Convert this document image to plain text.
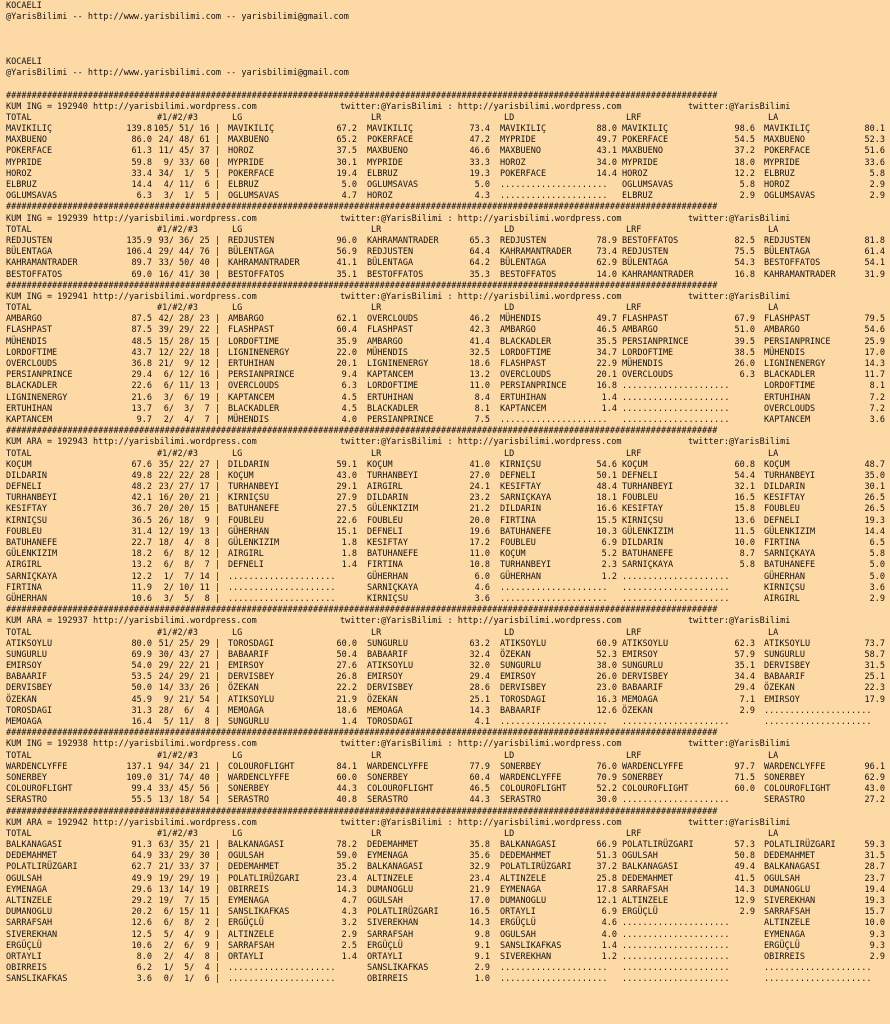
KOCAELI
@YarisBilimi -- http://www.yarisbilimi.com -- yarisbilimi@gmail.com
KOCAELI
@YarisBilimi -- http://www.yarisbilimi.com -- yarisbilimi@gmail.com
###########################################################################################################################################
KUM ING = 192940 http://yarisbilimi.wordpress.com	twitter:@YarisBilimi : http://yarisbilimi.wordpress.com	twitter:@YarisBilimi
TOTAL	#1/#2/#3	LG	LR	LD	LRF	LA
MAVIKILIÇ	139.8 105/ 51/ 16 | MAVIKILIÇ	67.2 MAVIKILIÇ	73.4 MAVIKILIÇ	88.0 MAVIKILIÇ	98.6 MAVIKILIÇ	80.1
MAXBUENO	86.0 24/ 48/ 61 | MAXBUENO	65.2 POKERFACE	47.2 MYPRIDE	49.7 POKERFACE	54.5 MAXBUENO	52.3
POKERFACE	61.3 11/ 45/ 37 | HOROZ	37.5 MAXBUENO	46.6 MAXBUENO	43.1 MAXBUENO	37.2 POKERFACE	51.6
MYPRIDE	59.8 9/ 33/ 60 | MYPRIDE	30.1 MYPRIDE	33.3 HOROZ	34.0 MYPRIDE	18.0 MYPRIDE	33.6
HOROZ	33.4 34/  1/  5 | POKERFACE	19.4 ELBRUZ	19.3 POKERFACE	14.4 HOROZ	12.2 ELBRUZ	5.8
ELBRUZ	14.4 4/ 11/  6 | ELBRUZ	5.0 OGLUMSAVAS	5.0 ..................... OGLUMSAVAS	5.8 HOROZ	2.9
OGLUMSAVAS	6.3 3/  1/  5 | OGLUMSAVAS	4.7 HOROZ	4.3 ..................... ELBRUZ	2.9 OGLUMSAVAS	2.9
###########################################################################################################################################
KUM ING = 192939 http://yarisbilimi.wordpress.com	twitter:@YarisBilimi : http://yarisbilimi.wordpress.com	twitter:@YarisBilimi
TOTAL	#1/#2/#3	LG	LR	LD	LRF	LA
REDJUSTEN	135.9 93/ 36/ 25 | REDJUSTEN	96.0 KAHRAMANTRADER	65.3 REDJUSTEN	78.9 BESTOFFATOS	82.5 REDJUSTEN	81.8
BÜLENTAGA	106.4 29/ 44/ 76 | BÜLENTAGA	56.9 REDJUSTEN	64.4 KAHRAMANTRADER	73.4 REDJUSTEN	75.5 BÜLENTAGA	61.4
KAHRAMANTRADER	89.7 33/ 50/ 40 | KAHRAMANTRADER	41.1 BÜLENTAGA	64.2 BÜLENTAGA	62.9 BÜLENTAGA	54.3 BESTOFFATOS	54.1
BESTOFFATOS	69.0 16/ 41/ 30 | BESTOFFATOS	35.1 BESTOFFATOS	35.3 BESTOFFATOS	14.0 KAHRAMANTRADER	16.8 KAHRAMANTRADER	31.9
###########################################################################################################################################
KUM ING = 192941 http://yarisbilimi.wordpress.com	twitter:@YarisBilimi : http://yarisbilimi.wordpress.com	twitter:@YarisBilimi
TOTAL	#1/#2/#3	LG	LR	LD	LRF	LA
AMBARGO	87.5 42/ 28/ 23 | AMBARGO	62.1 OVERCLOUDS	46.2 MÜHENDIS	49.7 FLASHPAST	67.9 FLASHPAST	79.5
FLASHPAST	87.5 39/ 29/ 22 | FLASHPAST	60.4 FLASHPAST	42.3 AMBARGO	46.5 AMBARGO	51.0 AMBARGO	54.6
MÜHENDIS	48.5 15/ 28/ 15 | LORDOFTIME	35.9 AMBARGO	41.4 BLACKADLER	35.5 PERSIANPRINCE	39.5 PERSIANPRINCE	25.9
LORDOFTIME	43.7 12/ 22/ 18 | LIGNINENERGY	22.0 MÜHENDIS	32.5 LORDOFTIME	34.7 LORDOFTIME	38.5 MÜHENDIS	17.0
OVERCLOUDS	36.8 21/  9/ 12 | ERTUHIHAN	20.1 LIGNINENERGY	18.6 FLASHPAST	22.9 MÜHENDIS	26.0 LIGNINENERGY	14.3
PERSIANPRINCE	29.4 6/ 12/ 16 | PERSIANPRINCE	9.4 KAPTANCEM	13.2 OVERCLOUDS	20.1 OVERCLOUDS	6.3 BLACKADLER	11.7
BLACKADLER	22.6 6/ 11/ 13 | OVERCLOUDS	6.3 LORDOFTIME	11.0 PERSIANPRINCE	16.8 .....................	LORDOFTIME	8.1
LIGNINENERGY	21.6 3/  6/ 19 | KAPTANCEM	4.5 ERTUHIHAN	8.4 ERTUHIHAN	1.4 .....................	ERTUHIHAN	7.2
ERTUHIHAN	13.7 6/  3/  7 | BLACKADLER	4.5 BLACKADLER	8.1 KAPTANCEM	1.4 .....................	OVERCLOUDS	7.2
KAPTANCEM	9.7 2/  4/  7 | MÜHENDIS	4.0 PERSIANPRINCE	7.5 ..................... .....................	KAPTANCEM	3.6
###########################################################################################################################################
KUM ARA = 192943 http://yarisbilimi.wordpress.com	twitter:@YarisBilimi : http://yarisbilimi.wordpress.com	twitter:@YarisBilimi
TOTAL	#1/#2/#3	LG	LR	LD	LRF	LA
KOÇUM	67.6 35/ 22/ 27 | DILDARIN	59.1 KOÇUM	41.0 KIRNIÇSU	54.6 KOÇUM	60.8 KOÇUM	48.7
DILDARIN	49.8 22/ 22/ 28 | KOÇUM	43.0 TURHANBEYI	27.0 DEFNELI	50.1 DEFNELI	54.4 TURHANBEYI	35.0
DEFNELI	48.2 23/ 27/ 17 | TURHANBEYI	29.1 AIRGIRL	24.1 KESIFTAY	48.4 TURHANBEYI	32.1 DILDARIN	30.1
TURHANBEYI	42.1 16/ 20/ 21 | KIRNIÇSU	27.9 DILDARIN	23.2 SARNIÇKAYA	18.1 FOUBLEU	16.5 KESIFTAY	26.5
KESIFTAY	36.7 20/ 20/ 15 | BATUHANEFE	27.5 GÜLENKIZIM	21.2 DILDARIN	16.6 KESIFTAY	15.8 FOUBLEU	26.5
KIRNIÇSU	36.5 26/ 18/  9 | FOUBLEU	22.6 FOUBLEU	20.0 FIRTINA	15.5 KIRNIÇSU	13.6 DEFNELI	19.3
FOUBLEU	31.4 12/ 19/ 13 | GÜHERHAN	15.1 DEFNELI	19.6 BATUHANEFE	10.3 GÜLENKIZIM	11.5 GÜLENKIZIM	14.4
BATUHANEFE	22.7 18/  4/  8 | GÜLENKIZIM	1.8 KESIFTAY	17.2 FOUBLEU	6.9 DILDARIN	10.0 FIRTINA	6.5
GÜLENKIZIM	18.2 6/  8/ 12 | AIRGIRL	1.8 BATUHANEFE	11.0 KOÇUM	5.2 BATUHANEFE	8.7 SARNIÇKAYA	5.8
AIRGIRL	13.2 6/  8/  7 | DEFNELI	1.4 FIRTINA	10.8 TURHANBEYI	2.3 SARNIÇKAYA	5.8 BATUHANEFE	5.0
SARNIÇKAYA	12.2 1/  7/ 14 | .....................	GÜHERHAN	6.0 GÜHERHAN	1.2 .....................	GÜHERHAN	5.0
FIRTINA	11.9 2/ 10/ 11 | .....................	SARNIÇKAYA	4.6 ..................... .....................	KIRNIÇSU	3.6
GÜHERHAN	10.6 3/  5/  8 | .....................	KIRNIÇSU	3.6 ..................... .....................	AIRGIRL	2.9
###########################################################################################################################################
KUM ARA = 192937 http://yarisbilimi.wordpress.com	twitter:@YarisBilimi : http://yarisbilimi.wordpress.com	twitter:@YarisBilimi
TOTAL	#1/#2/#3	LG	LR	LD	LRF	LA
ATIKSOYLU	80.0 51/ 25/ 29 | TOROSDAGI	60.0 SUNGURLU	63.2 ATIKSOYLU	60.9 ATIKSOYLU	62.3 ATIKSOYLU	73.7
SUNGURLU	69.9 30/ 43/ 27 | BABAARIF	50.4 BABAARIF	32.4 ÖZEKAN	52.3 EMIRSOY	57.9 SUNGURLU	58.7
EMIRSOY	54.0 29/ 22/ 21 | EMIRSOY	27.6 ATIKSOYLU	32.0 SUNGURLU	38.0 SUNGURLU	35.1 DERVISBEY	31.5
BABAARIF	53.5 24/ 29/ 21 | DERVISBEY	26.8 EMIRSOY	29.4 EMIRSOY	26.0 DERVISBEY	34.4 BABAARIF	25.1
DERVISBEY	50.0 14/ 33/ 26 | ÖZEKAN	22.2 DERVISBEY	28.6 DERVISBEY	23.0 BABAARIF	29.4 ÖZEKAN	22.3
ÖZEKAN	45.9 9/ 21/ 54 | ATIKSOYLU	21.9 ÖZEKAN	25.1 TOROSDAGI	16.3 MEMOAGA	7.1 EMIRSOY	17.9
TOROSDAGI	31.3 28/  6/  4 | MEMOAGA	18.6 MEMOAGA	14.3 BABAARIF	12.6 ÖZEKAN	2.9 .....................
MEMOAGA	16.4 5/ 11/  8 | SUNGURLU	1.4 TOROSDAGI	4.1 ..................... .....................	.....................
###########################################################################################################################################
KUM ING = 192938 http://yarisbilimi.wordpress.com	twitter:@YarisBilimi : http://yarisbilimi.wordpress.com	twitter:@YarisBilimi
TOTAL	#1/#2/#3	LG	LR	LD	LRF	LA
WARDENCLYFFE	137.1 94/ 34/ 21 | COLOUROFLIGHT	84.1 WARDENCLYFFE	77.9 SONERBEY	76.0 WARDENCLYFFE	97.7 WARDENCLYFFE	96.1
SONERBEY	109.0 31/ 74/ 40 | WARDENCLYFFE	60.0 SONERBEY	60.4 WARDENCLYFFE	70.9 SONERBEY	71.5 SONERBEY	62.9
COLOUROFLIGHT	99.4 33/ 45/ 56 | SONERBEY	44.3 COLOUROFLIGHT	46.5 COLOUROFLIGHT	52.2 COLOUROFLIGHT	60.0 COLOUROFLIGHT	43.0
SERASTRO	55.5 13/ 18/ 54 | SERASTRO	40.8 SERASTRO	44.3 SERASTRO	30.0 .....................	SERASTRO	27.2
###########################################################################################################################################
KUM ARA = 192942 http://yarisbilimi.wordpress.com	twitter:@YarisBilimi : http://yarisbilimi.wordpress.com	twitter:@YarisBilimi
TOTAL	#1/#2/#3	LG	LR	LD	LRF	LA
BALKANAGASI	91.3 63/ 35/ 21 | BALKANAGASI	78.2 DEDEMAHMET	35.8 BALKANAGASI	66.9 POLATLIRÜZGARI	57.3 POLATLIRÜZGARI	59.3
DEDEMAHMET	64.9 33/ 29/ 30 | OGULSAH	59.0 EYMENAGA	35.6 DEDEMAHMET	51.3 OGULSAH	50.8 DEDEMAHMET	31.5
POLATLIRÜZGARI	62.7 21/ 33/ 37 | DEDEMAHMET	35.2 BALKANAGASI	32.9 POLATLIRÜZGARI	37.2 BALKANAGASI	49.4 BALKANAGASI	28.7
OGULSAH	49.9 19/ 29/ 19 | POLATLIRÜZGARI	23.4 ALTINZELE	23.4 ALTINZELE	25.8 DEDEMAHMET	41.5 OGULSAH	23.7
EYMENAGA	29.6 13/ 14/ 19 | OBIRREIS	14.3 DUMANOGLU	21.9 EYMENAGA	17.8 SARRAFSAH	14.3 DUMANOGLU	19.4
ALTINZELE	29.2 19/  7/ 15 | EYMENAGA	4.7 OGULSAH	17.0 DUMANOGLU	12.1 ALTINZELE	12.9 SIVEREKHAN	19.3
DUMANOGLU	20.2 6/ 15/ 11 | SANSLIKAFKAS	4.3 POLATLIRÜZGARI	16.5 ORTAYLI	6.9 ERGÜÇLÜ	2.9 SARRAFSAH	15.7
SARRAFSAH	12.6 6/  8/  2 | ERGÜÇLÜ	3.2 SIVEREKHAN	14.3 ERGÜÇLÜ	4.6 .....................	ALTINZELE	10.0
SIVEREKHAN	12.5 5/  4/  9 | ALTINZELE	2.9 SARRAFSAH	9.8 OGULSAH	4.0 .....................	EYMENAGA	9.3
ERGÜÇLÜ	10.6 2/  6/  9 | SARRAFSAH	2.5 ERGÜÇLÜ	9.1 SANSLIKAFKAS	1.4 .....................	ERGÜÇLÜ	9.3
ORTAYLI	8.0 2/  4/  8 | ORTAYLI	1.4 ORTAYLI	9.1 SIVEREKHAN	1.2 .....................	OBIRREIS	2.9
OBIRREIS	6.2 1/  5/  4 | .....................	SANSLIKAFKAS	2.9 ..................... .....................	.....................
SANSLIKAFKAS	3.6 0/  1/  6 | .....................	OBIRREIS	1.0 ..................... .....................	.....................
